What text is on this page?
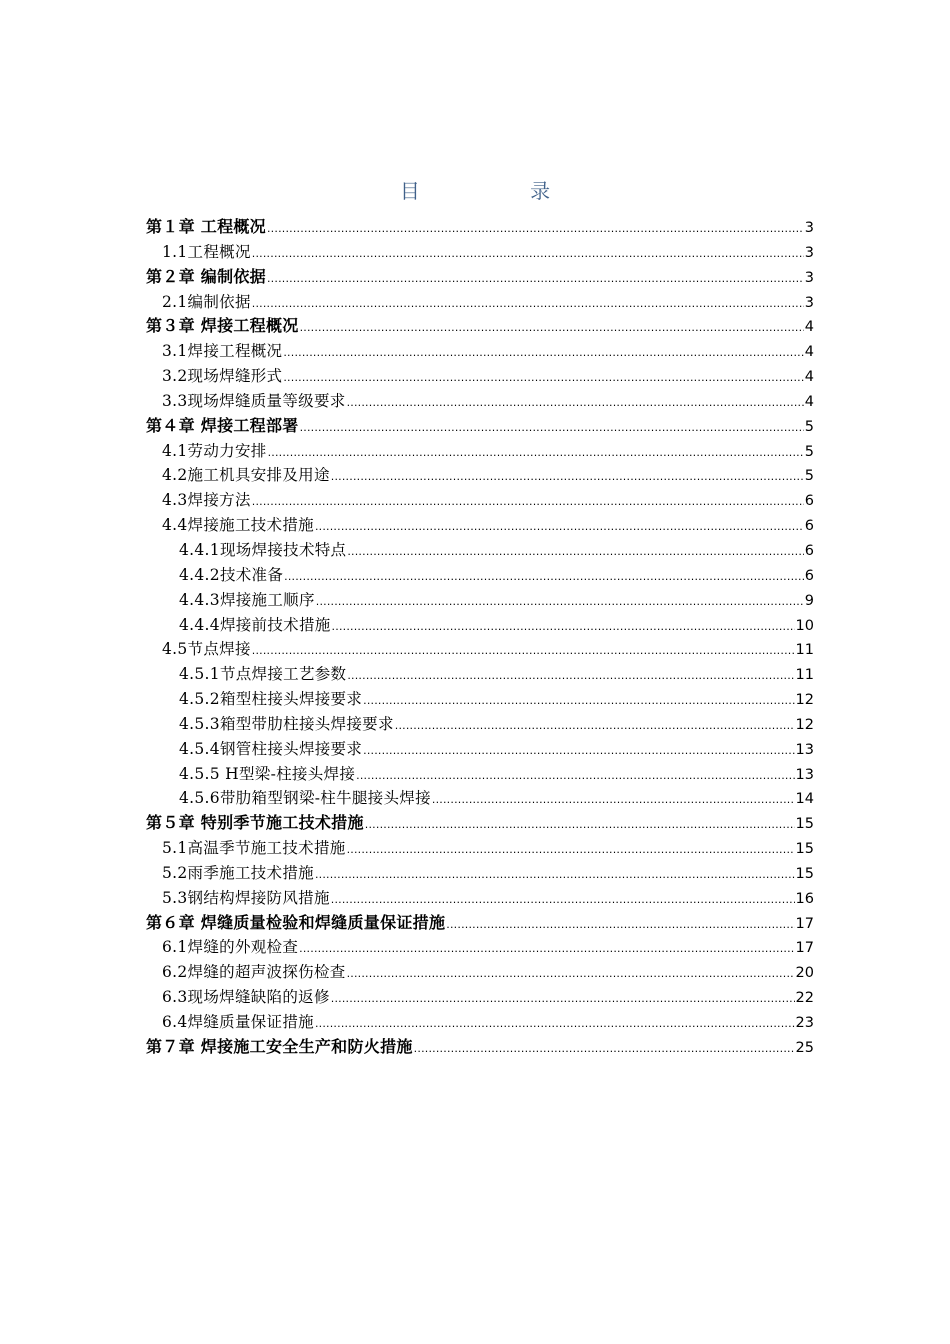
目 录
第１章 工程概况 .....	3
1.1工程概况 .....	3
第２章 编制依据 .....	3
2.1编制依据 .....	3
第３章 焊接工程概况 .....	4
3.1焊接工程概况 .....	4
3.2现场焊缝形式 .....	4
3.3现场焊缝质量等级要求 .....	4
第４章 焊接工程部署 .....	5
4.1劳动力安排 .....	5
4.2施工机具安排及用途 .....	5
4.3焊接方法 .....	6
4.4焊接施工技术措施 .....	6
4.4.1现场焊接技术特点 .....	6
4.4.2技术准备 .....	6
4.4.3焊接施工顺序 .....	9
4.4.4焊接前技术措施 .....	10
4.5节点焊接 .....	11
4.5.1节点焊接工艺参数 .....	11
4.5.2箱型柱接头焊接要求 .....	12
4.5.3箱型带肋柱接头焊接要求 .....	12
4.5.4钢管柱接头焊接要求 .....	13
4.5.5 H型梁-柱接头焊接 .....	13
4.5.6带肋箱型钢梁-柱牛腿接头焊接 .....	14
第５章 特别季节施工技术措施 .....	15
5.1高温季节施工技术措施 .....	15
5.2雨季施工技术措施 .....	15
5.3钢结构焊接防风措施 .....	16
第６章 焊缝质量检验和焊缝质量保证措施 .....	17
6.1焊缝的外观检查 .....	17
6.2焊缝的超声波探伤检查 .....	20
6.3现场焊缝缺陷的返修 .....	22
6.4焊缝质量保证措施 .....	23
第７章 焊接施工安全生产和防火措施 .....	25
